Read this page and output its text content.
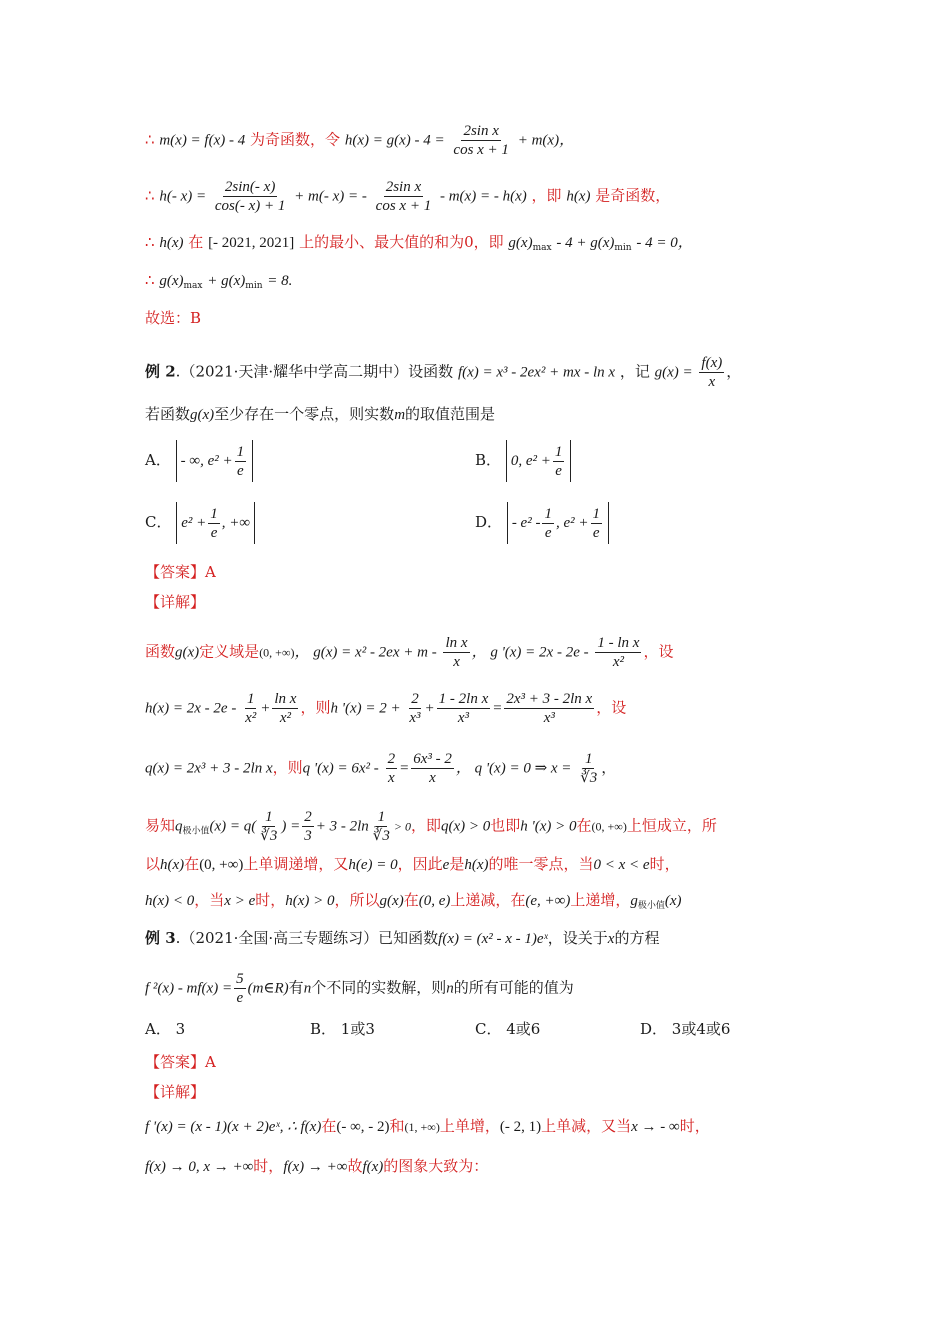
∴ m(x) = f(x) - 4 为奇函数，令 $h(x) = g(x) - 4 = \frac{\text{2sin x}}{\text{cos x + 1}} + m(x)$，
∴ h(- $x) = \frac{2\sin(- x)}{\cos(- x) + 1} + m(-$ x) = - $\frac{\text{2sin x}}{\text{cos x + 1}} - m(x)$ = - h(x) ，即 h(x) 是奇函数，
∴ h(x) 在 [- 2021, 2021] 上的最小、最大值的和为0，即 $g(x)_{max} - 4 + g(x)_{min} - 4 = 0$，
∴ $g(x)_{max} + g(x)_{min} = 8$.
故选：B
例 2.（2021·天津·耀华中学高二期中）设函数 f(x) = x³ - 2ex² + mx - ln x ，记 $g(x) = \frac{f(x)}{x}$ ，
若函数g(x)至少存在一个零点，则实数m的取值范围是
A． - ∞, $e^2 + \frac{1}{e}$	B． 0, $e^2 + \frac{1}{e}$
C． $e^2 + \frac{1}{e}$ , +∞	D． - $e^2 - \frac{1}{e}$ , $e^2 + \frac{1}{e}$
【答案】A
【详解】
函数g(x)定义域是(0, +∞)， $g(x) = x^2 - 2ex + m - \frac{\text{ln x}}{x}$ ， g '$(x) = 2x - 2e - \frac{\text{1 - ln x}}{\text{x²}}$ ，设
$h(x) = 2x - 2e - \frac{1}{\text{x²}} + \frac{\text{ln x}}{\text{x²}}$ ，则h '$(x) = 2 + \frac{2}{\text{x³}} + \frac{\text{1 - 2ln x}}{\text{x³}} = \frac{\text{2x³ + 3 - 2ln x}}{\text{x³}}$ ，设
q(x) = 2x³ + 3 - 2ln x，则q '$(x) = 6x^2 - \frac{2}{x} = \frac{\text{6x³ - 2}}{x}$ ， q '(x) = 0 ⇒ $x = \frac{1}{∛3}$ ，
易知$q_{极小值}(x) = q( \frac{1}{∛3}$ ) = $\frac{2}{3} + 3 - 2\ln \frac{1}{∛3} > 0$，即q(x) > 0也即h '(x) > 0在(0, +∞)上恒成立，所
以h(x)在(0, +∞)上单调递增，又h(e) = 0，因此e是h(x)的唯一零点，当0 < x < e时，
h(x) < 0，当x > e时，h(x) > 0，所以g(x)在(0, e)上递减，在(e, +∞)上递增，$g_{极小值}(x)$
例 3.（2021·全国·高三专题练习）已知函数f(x) = (x² - x - 1)eˣ，设关于x的方程
f $^2(x) - mf(x) = \frac{5}{e}$ (m∈R)有n个不同的实数解，则n的所有可能的值为
A． 3	B． 1或3	C． 4或6	D． 3或4或6
【答案】A
【详解】
f '(x) = (x - 1)(x + 2)eˣ, ∴ f(x)在(- ∞, - 2)和(1, +∞)上单增，(- 2, 1)上单减，又当x → - ∞时，
f(x) → 0, x → +∞时，f(x) → +∞故f(x)的图象大致为：
